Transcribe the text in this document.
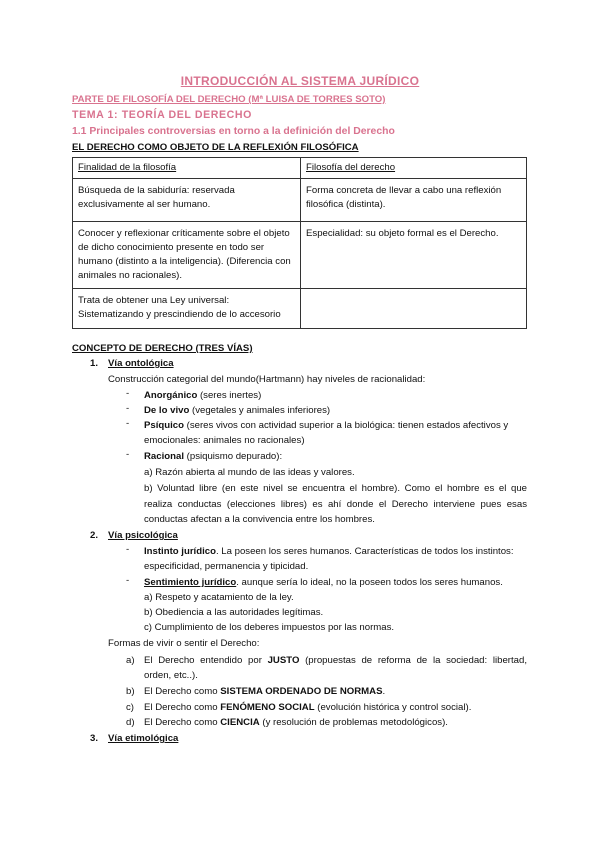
INTRODUCCIÓN AL SISTEMA JURÍDICO
PARTE DE FILOSOFÍA DEL DERECHO (Mª LUISA DE TORRES SOTO)
TEMA 1: TEORÍA DEL DERECHO
1.1 Principales controversias en torno a la definición del Derecho
EL DERECHO COMO OBJETO DE LA REFLEXIÓN FILOSÓFICA
Finalidad de la filosofía	Filosofía del derecho
Búsqueda de la sabiduría: reservada exclusivamente al ser humano.	Forma concreta de llevar a cabo una reflexión filosófica (distinta).
Conocer y reflexionar críticamente sobre el objeto de dicho conocimiento presente en todo ser humano (distinto a la inteligencia). (Diferencia con animales no racionales).	Especialidad: su objeto formal es el Derecho.
Trata de obtener una Ley universal: Sistematizando y prescindiendo de lo accesorio	
CONCEPTO DE DERECHO (TRES VÍAS)
1. Vía ontológica
Construcción categorial del mundo(Hartmann) hay niveles de racionalidad:
- Anorgánico (seres inertes)
- De lo vivo (vegetales y animales inferiores)
- Psíquico (seres vivos con actividad superior a la biológica: tienen estados afectivos y
emocionales: animales no racionales)
- Racional (psiquismo depurado):
a) Razón abierta al mundo de las ideas y valores.
b) Voluntad libre (en este nivel se encuentra el hombre). Como el hombre es el que
realiza conductas (elecciones libres) es ahí donde el Derecho interviene pues esas
conductas afectan a la convivencia entre los hombres.
2. Vía psicológica
- Instinto jurídico. La poseen los seres humanos. Características de todos los instintos:
especificidad, permanencia y tipicidad.
- Sentimiento jurídico. aunque sería lo ideal, no la poseen todos los seres humanos.
a) Respeto y acatamiento de la ley.
b) Obediencia a las autoridades legítimas.
c) Cumplimiento de los deberes impuestos por las normas.
Formas de vivir o sentir el Derecho:
a) El Derecho entendido por JUSTO (propuestas de reforma de la sociedad: libertad,
orden, etc..).
b) El Derecho como SISTEMA ORDENADO DE NORMAS.
c) El Derecho como FENÓMENO SOCIAL (evolución histórica y control social).
d) El Derecho como CIENCIA (y resolución de problemas metodológicos).
3. Vía etimológica
